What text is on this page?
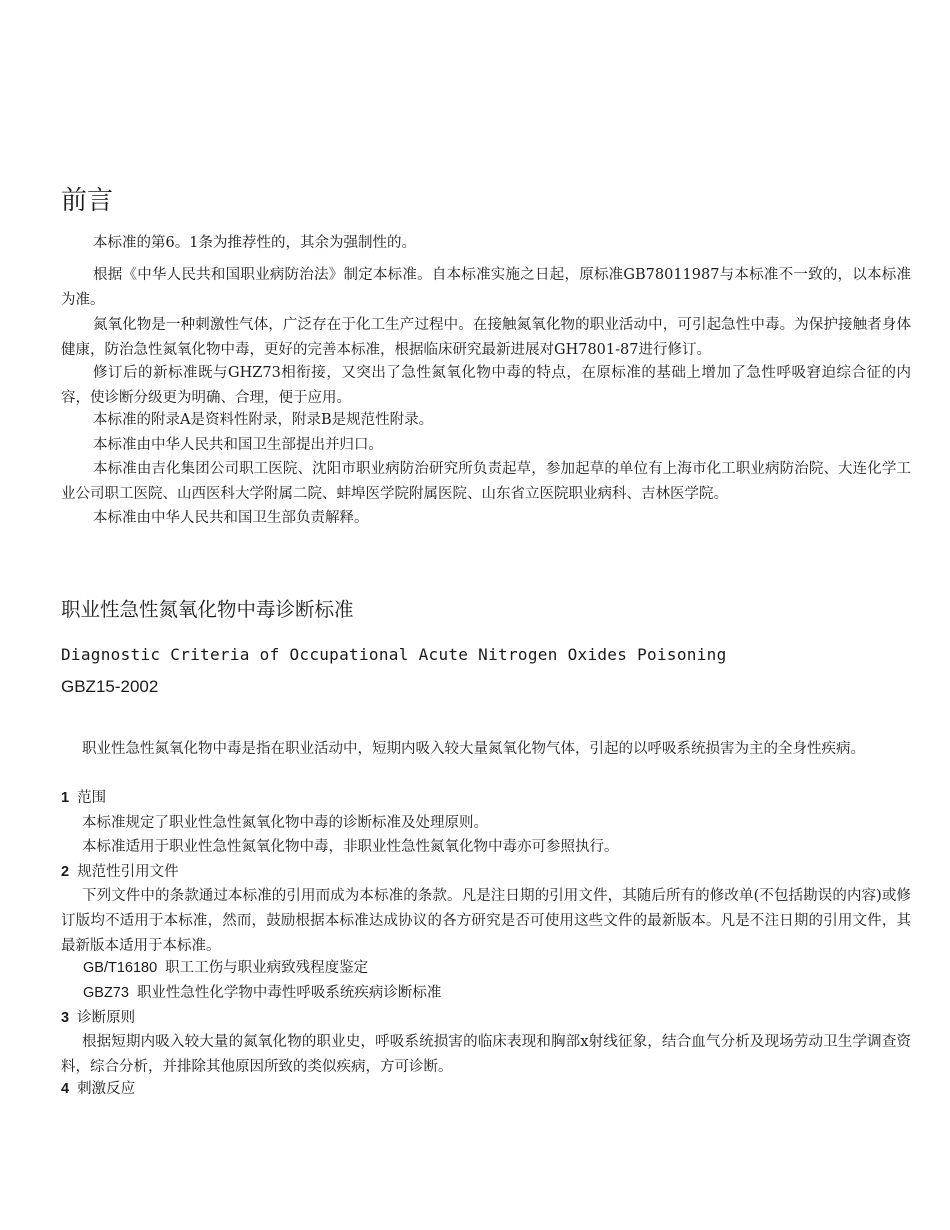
前言
本标准的第6。1条为推荐性的，其余为强制性的。
根据《中华人民共和国职业病防治法》制定本标准。自本标准实施之日起，原标准GB78011987与本标准不一致的，以本标准为准。
氮氧化物是一种刺激性气体，广泛存在于化工生产过程中。在接触氮氧化物的职业活动中，可引起急性中毒。为保护接触者身体健康，防治急性氮氧化物中毒，更好的完善本标准，根据临床研究最新进展对GH7801-87进行修订。
修订后的新标准既与GHZ73相衔接，又突出了急性氮氧化物中毒的特点，在原标准的基础上增加了急性呼吸窘迫综合征的内容，使诊断分级更为明确、合理，便于应用。
本标准的附录A是资料性附录，附录B是规范性附录。
本标准由中华人民共和国卫生部提出并归口。
本标准由吉化集团公司职工医院、沈阳市职业病防治研究所负责起草，参加起草的单位有上海市化工职业病防治院、大连化学工业公司职工医院、山西医科大学附属二院、蚌埠医学院附属医院、山东省立医院职业病科、吉林医学院。
本标准由中华人民共和国卫生部负责解释。
职业性急性氮氧化物中毒诊断标准
Diagnostic Criteria of Occupational Acute Nitrogen Oxides Poisoning
GBZ15-2002
职业性急性氮氧化物中毒是指在职业活动中，短期内吸入较大量氮氧化物气体，引起的以呼吸系统损害为主的全身性疾病。
1 范围
本标准规定了职业性急性氮氧化物中毒的诊断标准及处理原则。
本标准适用于职业性急性氮氧化物中毒，非职业性急性氮氧化物中毒亦可参照执行。
2 规范性引用文件
下列文件中的条款通过本标准的引用而成为本标准的条款。凡是注日期的引用文件，其随后所有的修改单(不包括勘误的内容)或修订版均不适用于本标准，然而，鼓励根据本标准达成协议的各方研究是否可使用这些文件的最新版本。凡是不注日期的引用文件，其最新版本适用于本标准。
GB/T16180 职工工伤与职业病致残程度鉴定
GBZ73 职业性急性化学物中毒性呼吸系统疾病诊断标准
3 诊断原则
根据短期内吸入较大量的氮氧化物的职业史，呼吸系统损害的临床表现和胸部x射线征象，结合血气分析及现场劳动卫生学调查资料，综合分析，并排除其他原因所致的类似疾病，方可诊断。
4 刺激反应
